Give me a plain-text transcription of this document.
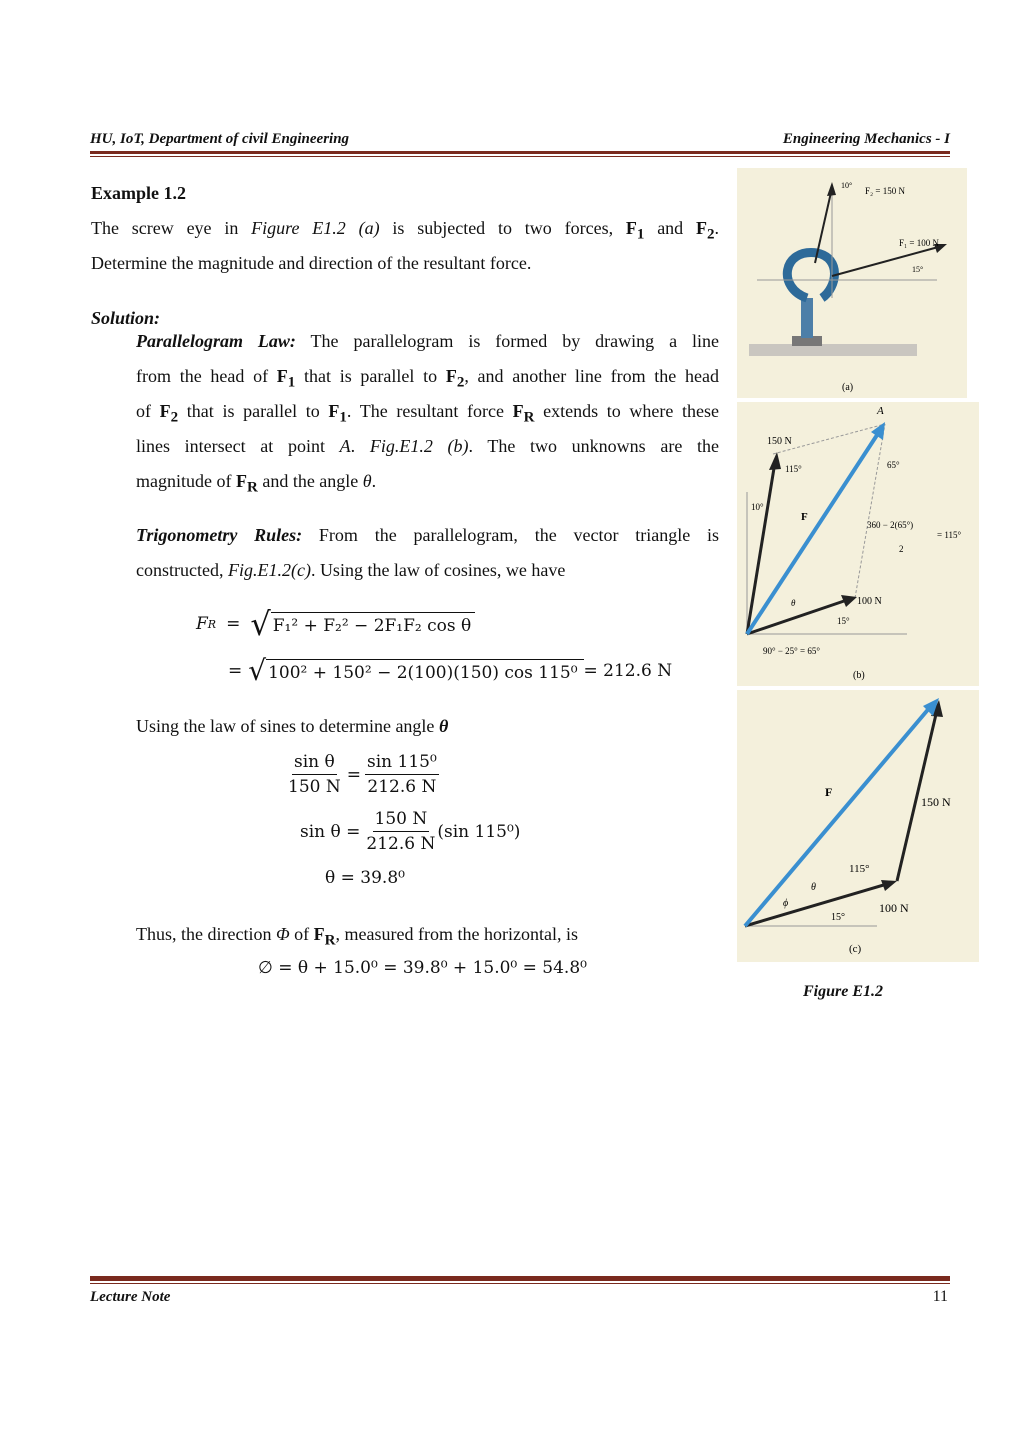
HU, IoT, Department of civil Engineering	Engineering Mechanics - I
Example 1.2
The screw eye in Figure E1.2 (a) is subjected to two forces, $F_1$ and $F_2$.
Determine the magnitude and direction of the resultant force.
Solution:
Parallelogram Law: The parallelogram is formed by drawing a line
from the head of $F_1$ that is parallel to $F_2$, and another line from the head
of $F_2$ that is parallel to $F_1$. The resultant force $F_R$ extends to where these
lines intersect at point A. Fig.E1.2 (b). The two unknowns are the
magnitude of $F_R$ and the angle θ.
Trigonometry Rules: From the parallelogram, the vector triangle is
constructed, Fig.E1.2(c). Using the law of cosines, we have
F R = √ F₁² + F₂² − 2F₁F₂ cos θ
= √ 100² + 150² − 2(100)(150) cos 115⁰ = 212.6 N
Using the law of sines to determine angle θ
$\frac{\text{sin θ}}{150 N} = \frac{\text{sin 115⁰}}{212.6 N}$
$\sin \theta = \frac{150 N}{212.6 N} (\sin$ 115⁰)
θ = 39.8⁰
Thus, the direction Φ of $F_R$, measured from the horizontal, is
∅ = θ + 15.0⁰ = 39.8⁰ + 15.0⁰ = 54.8⁰
10°
F₂ = 150 N
F₁ = 100 N
15°
(a)
A
150 N
115°	65°
10°
F
360 − 2(65°)
= 115°
2
θ	100 N
15°
90° − 25° = 65°
(b)
F
150 N
115°
θ
ϕ	100 N
15°
(c)
Figure E1.2
Lecture Note	11
